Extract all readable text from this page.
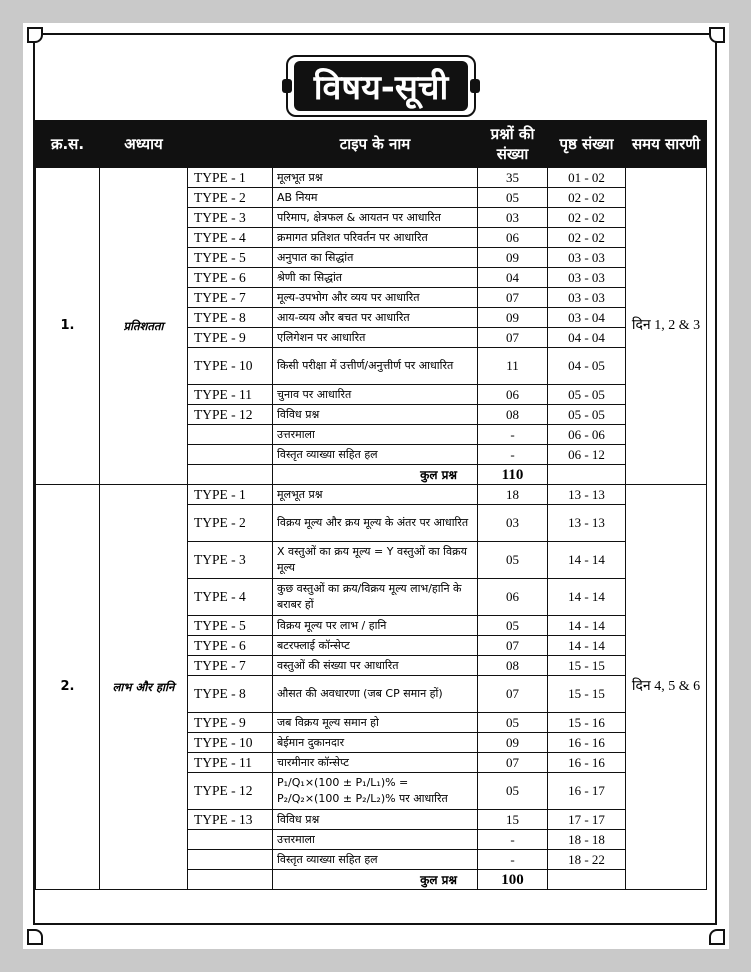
विषय-सूची
क्र.स.	अध्याय		टाइप के नाम	प्रश्नों की संख्या	पृष्ठ संख्या	समय सारणी
1.	प्रतिशतता	TYPE - 1	मूलभूत प्रश्न	35	01 - 02	दिन 1, 2 & 3
		TYPE - 2	AB नियम	05	02 - 02	
		TYPE - 3	परिमाप, क्षेत्रफल & आयतन पर आधारित	03	02 - 02	
		TYPE - 4	क्रमागत प्रतिशत परिवर्तन पर आधारित	06	02 - 02	
		TYPE - 5	अनुपात का सिद्धांत	09	03 - 03	
		TYPE - 6	श्रेणी का सिद्धांत	04	03 - 03	
		TYPE - 7	मूल्य-उपभोग और व्यय पर आधारित	07	03 - 03	
		TYPE - 8	आय-व्यय और बचत पर आधारित	09	03 - 04	
		TYPE - 9	एलिगेशन पर आधारित	07	04 - 04	
		TYPE - 10	किसी परीक्षा में उत्तीर्ण/अनुत्तीर्ण पर आधारित	11	04 - 05	
		TYPE - 11	चुनाव पर आधारित	06	05 - 05	
		TYPE - 12	विविध प्रश्न	08	05 - 05	
			उत्तरमाला	-	06 - 06	
			विस्तृत व्याख्या सहित हल	-	06 - 12	
			कुल प्रश्न	110		
2.	लाभ और हानि	TYPE - 1	मूलभूत प्रश्न	18	13 - 13	दिन 4, 5 & 6
		TYPE - 2	विक्रय मूल्य और क्रय मूल्य के अंतर पर आधारित	03	13 - 13	
		TYPE - 3	X वस्तुओं का क्रय मूल्य = Y वस्तुओं का विक्रय मूल्य	05	14 - 14	
		TYPE - 4	कुछ वस्तुओं का क्रय/विक्रय मूल्य लाभ/हानि के बराबर हों	06	14 - 14	
		TYPE - 5	विक्रय मूल्य पर लाभ / हानि	05	14 - 14	
		TYPE - 6	बटरफ्लाई कॉन्सेप्ट	07	14 - 14	
		TYPE - 7	वस्तुओं की संख्या पर आधारित	08	15 - 15	
		TYPE - 8	औसत की अवधारणा (जब CP समान हों)	07	15 - 15	
		TYPE - 9	जब विक्रय मूल्य समान हो	05	15 - 16	
		TYPE - 10	बेईमान दुकानदार	09	16 - 16	
		TYPE - 11	चारमीनार कॉन्सेप्ट	07	16 - 16	
		TYPE - 12	P₁/Q₁×(100 ± P₁/L₁)% = P₂/Q₂×(100 ± P₂/L₂)% पर आधारित	05	16 - 17	
		TYPE - 13	विविध प्रश्न	15	17 - 17	
			उत्तरमाला	-	18 - 18	
			विस्तृत व्याख्या सहित हल	-	18 - 22	
			कुल प्रश्न	100		
